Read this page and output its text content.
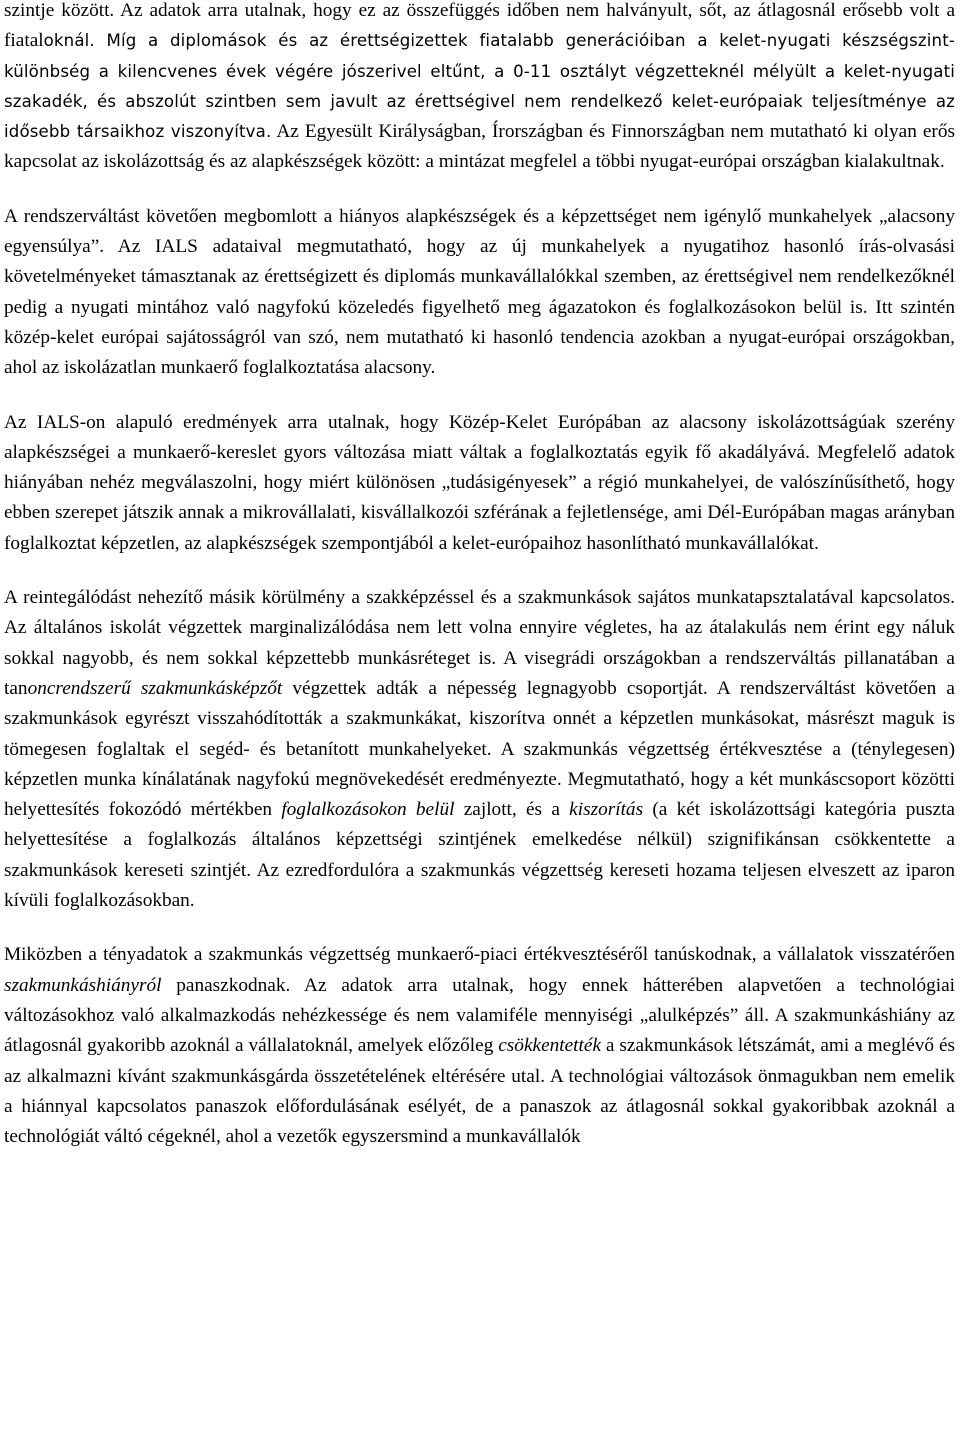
szintje között. Az adatok arra utalnak, hogy ez az összefüggés időben nem halványult, sőt, az átlagosnál erősebb volt a fiataloknál. Míg a diplomások és az érettségizettek fiatalabb generációiban a kelet-nyugati készségszint-különbség a kilencvenes évek végére jószerivel eltűnt, a 0-11 osztályt végzetteknél mélyült a kelet-nyugati szakadék, és abszolút szintben sem javult az érettségivel nem rendelkező kelet-európaiak teljesítménye az idősebb társaikhoz viszonyítva. Az Egyesült Királyságban, Írországban és Finnországban nem mutatható ki olyan erős kapcsolat az iskolázottság és az alapkészségek között: a mintázat megfelel a többi nyugat-európai országban kialakultnak.

A rendszerváltást követően megbomlott a hiányos alapkészségek és a képzettséget nem igénylő munkahelyek „alacsony egyensúlya”. Az IALS adataival megmutatható, hogy az új munkahelyek a nyugatihoz hasonló írás-olvasási követelményeket támasztanak az érettségizett és diplomás munkavállalókkal szemben, az érettségivel nem rendelkezőknél pedig a nyugati mintához való nagyfokú közeledés figyelhető meg ágazatokon és foglalkozásokon belül is. Itt szintén közép-kelet európai sajátosságról van szó, nem mutatható ki hasonló tendencia azokban a nyugat-európai országokban, ahol az iskolázatlan munkaerő foglalkoztatása alacsony.

Az IALS-on alapuló eredmények arra utalnak, hogy Közép-Kelet Európában az alacsony iskolázottságúak szerény alapkészségei a munkaerő-kereslet gyors változása miatt váltak a foglalkoztatás egyik fő akadályává. Megfelelő adatok hiányában nehéz megválaszolni, hogy miért különösen „tudásigényesek” a régió munkahelyei, de valószínűsíthető, hogy ebben szerepet játszik annak a mikrovállalati, kisvállalkozói szférának a fejletlensége, ami Dél-Európában magas arányban foglalkoztat képzetlen, az alapkészségek szempontjából a kelet-európaihoz hasonlítható munkavállalókat.

A reintegálódást nehezítő másik körülmény a szakképzéssel és a szakmunkások sajátos munkatapsztalatával kapcsolatos. Az általános iskolát végzettek marginalizálódása nem lett volna ennyire végletes, ha az átalakulás nem érint egy náluk sokkal nagyobb, és nem sokkal képzettebb munkásréteget is. A visegrádi országokban a rendszerváltás pillanatában a tanoncrendszerű szakmunkásképzőt végzettek adták a népesség legnagyobb csoportját. A rendszerváltást követően a szakmunkások egyrészt visszahódították a szakmunkákat, kiszorítva onnét a képzetlen munkásokat, másrészt maguk is tömegesen foglaltak el segéd- és betanított munkahelyeket. A szakmunkás végzettség értékvesztése a (ténylegesen) képzetlen munka kínálatának nagyfokú megnövekedését eredményezte. Megmutatható, hogy a két munkáscsoport közötti helyettesítés fokozódó mértékben foglalkozásokon belül zajlott, és a kiszorítás (a két iskolázottsági kategória puszta helyettesítése a foglalkozás általános képzettségi szintjének emelkedése nélkül) szignifikánsan csökkentette a szakmunkások kereseti szintjét. Az ezredfordulóra a szakmunkás végzettség kereseti hozama teljesen elveszett az iparon kívüli foglalkozásokban.

Miközben a tényadatok a szakmunkás végzettség munkaerő-piaci értékvesztéséről tanúskodnak, a vállalatok visszatérően szakmunkáshiányról panaszkodnak. Az adatok arra utalnak, hogy ennek hátterében alapvetően a technológiai változásokhoz való alkalmazkodás nehézkessége és nem valamiféle mennyiségi „alulképzés” áll. A szakmunkáshiány az átlagosnál gyakoribb azoknál a vállalatoknál, amelyek előzőleg csökkentették a szakmunkások létszámát, ami a meglévő és az alkalmazni kívánt szakmunkásgárda összetételének eltérésére utal. A technológiai változások önmagukban nem emelik a hiánnyal kapcsolatos panaszok előfordulásának esélyét, de a panaszok az átlagosnál sokkal gyakoribbak azoknál a technológiát váltó cégeknél, ahol a vezetők egyszersmind a munkavállalók
